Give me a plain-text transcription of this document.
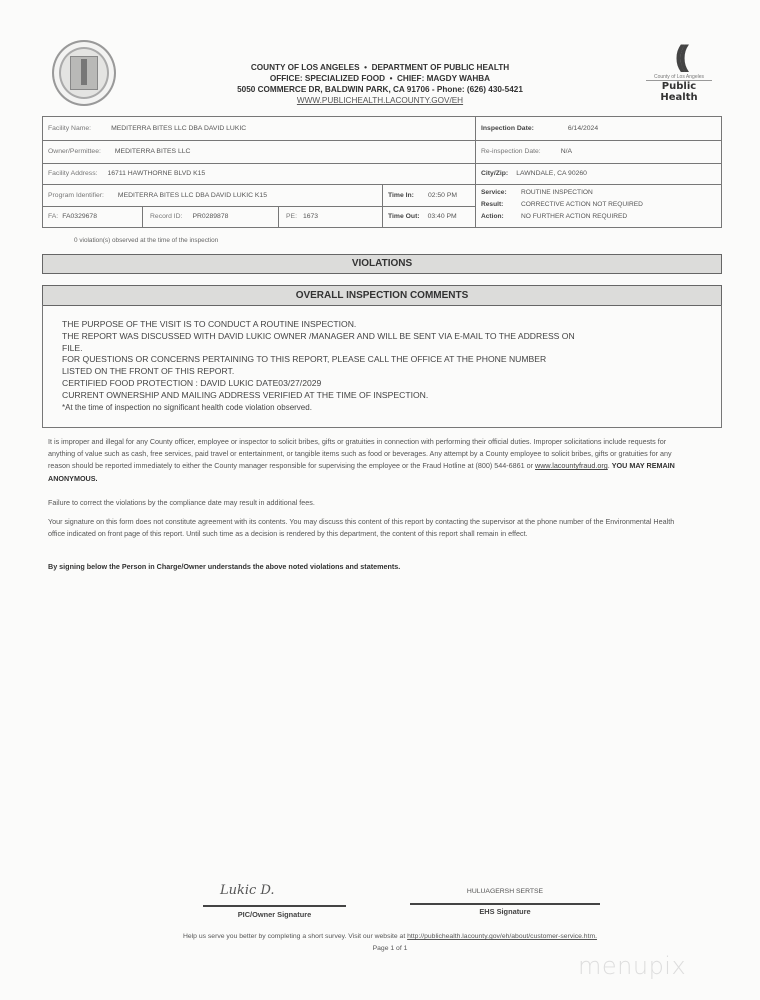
((
County of Los Angeles
Public Health
COUNTY OF LOS ANGELES • DEPARTMENT OF PUBLIC HEALTH
OFFICE: SPECIALIZED FOOD • CHIEF: MAGDY WAHBA
5050 COMMERCE DR, BALDWIN PARK, CA 91706 - Phone: (626) 430-5421
WWW.PUBLICHEALTH.LACOUNTY.GOV/EH
Facility Name:	MEDITERRA BITES LLC DBA DAVID LUKIC
Owner/Permittee: MEDITERRA BITES LLC
Facility Address: 16711 HAWTHORNE BLVD K15
Program Identifier: MEDITERRA BITES LLC DBA DAVID LUKIC K15	Time In: 02:50 PM
FA: FA0329678	Record ID: PR0289878	PE: 1673	Time Out: 03:40 PM
Inspection Date:	6/14/2024
Re-inspection Date:	N/A
City/Zip: LAWNDALE, CA 90260
Service: ROUTINE INSPECTION
Result:	CORRECTIVE ACTION NOT REQUIRED
Action:	NO FURTHER ACTION REQUIRED
0 violation(s) observed at the time of the inspection
VIOLATIONS
OVERALL INSPECTION COMMENTS
THE PURPOSE OF THE VISIT IS TO CONDUCT A ROUTINE INSPECTION.
THE REPORT WAS DISCUSSED WITH DAVID LUKIC OWNER /MANAGER AND WILL BE SENT VIA E-MAIL TO THE ADDRESS ON
FILE.
FOR QUESTIONS OR CONCERNS PERTAINING TO THIS REPORT, PLEASE CALL THE OFFICE AT THE PHONE NUMBER
LISTED ON THE FRONT OF THIS REPORT.
CERTIFIED FOOD PROTECTION : DAVID LUKIC DATE03/27/2029
CURRENT OWNERSHIP AND MAILING ADDRESS VERIFIED AT THE TIME OF INSPECTION.
*At the time of inspection no significant health code violation observed.
It is improper and illegal for any County officer, employee or inspector to solicit bribes, gifts or gratuities in connection with performing their official duties. Improper solicitations include requests for anything of value such as cash, free services, paid travel or entertainment, or tangible items such as food or beverages. Any attempt by a County employee to solicit bribes, gifts or gratuities for any reason should be reported immediately to either the County manager responsible for supervising the employee or the Fraud Hotline at (800) 544-6861 or www.lacountyfraud.org. YOU MAY REMAIN ANONYMOUS.
Failure to correct the violations by the compliance date may result in additional fees.
Your signature on this form does not constitute agreement with its contents. You may discuss this content of this report by contacting the supervisor at the phone number of the Environmental Health office indicated on front page of this report. Until such time as a decision is rendered by this department, the content of this report shall remain in effect.
By signing below the Person in Charge/Owner understands the above noted violations and statements.
Lukic D.
PIC/Owner Signature
HULUAGERSH SERTSE
EHS Signature
Help us serve you better by completing a short survey. Visit our website at http://publichealth.lacounty.gov/eh/about/customer-service.htm.
Page 1 of 1
menupix
